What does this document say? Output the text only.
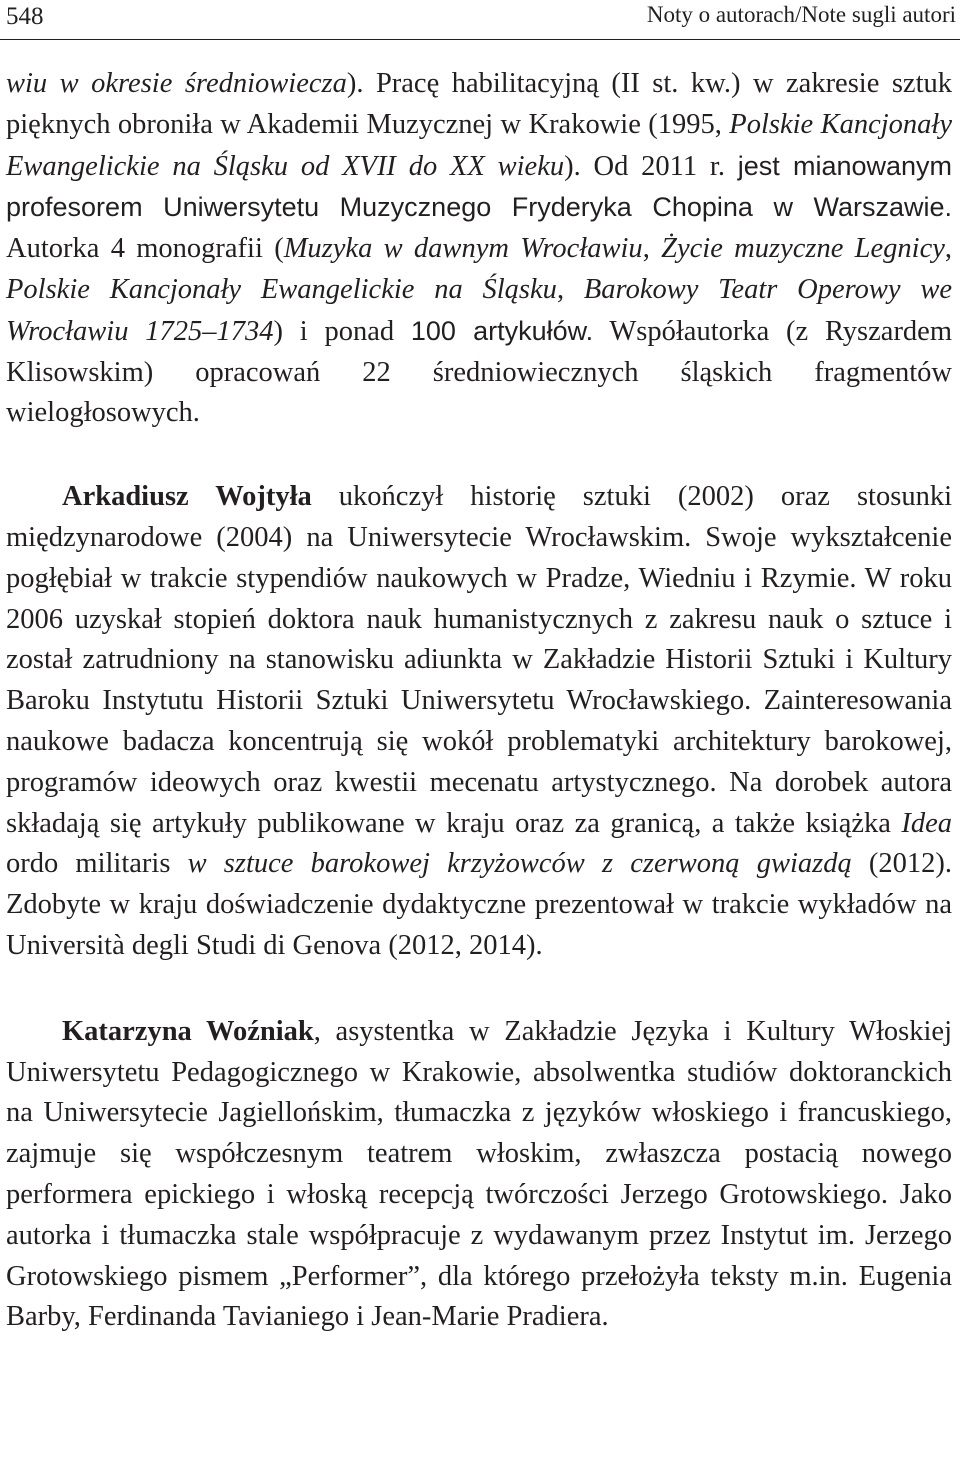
548	Noty o autorach/Note sugli autori

wiu w okresie średniowiecza). Pracę habilitacyjną (II st. kw.) w zakresie sztuk pięknych obroniła w Akademii Muzycznej w Krakowie (1995, Polskie Kancjonały Ewangelickie na Śląsku od XVII do XX wieku). Od 2011 r. jest mianowanym profesorem Uniwersytetu Muzycznego Fryderyka Chopina w Warszawie. Autorka 4 monografii (Muzyka w dawnym Wrocławiu, Życie muzyczne Legnicy, Polskie Kancjonały Ewangelickie na Śląsku, Barokowy Teatr Operowy we Wrocławiu 1725–1734) i ponad 100 artykułów. Współautorka (z Ryszardem Klisowskim) opracowań 22 średniowiecznych śląskich fragmentów wielogłosowych.

Arkadiusz Wojtyła ukończył historię sztuki (2002) oraz stosunki międzynarodowe (2004) na Uniwersytecie Wrocławskim. Swoje wykształcenie pogłębiał w trakcie stypendiów naukowych w Pradze, Wiedniu i Rzymie. W roku 2006 uzyskał stopień doktora nauk humanistycznych z zakresu nauk o sztuce i został zatrudniony na stanowisku adiunkta w Zakładzie Historii Sztuki i Kultury Baroku Instytutu Historii Sztuki Uniwersytetu Wrocławskiego. Zainteresowania naukowe badacza koncentrują się wokół problematyki architektury barokowej, programów ideowych oraz kwestii mecenatu artystycznego. Na dorobek autora składają się artykuły publikowane w kraju oraz za granicą, a także książka Idea ordo militaris w sztuce barokowej krzyżowców z czerwoną gwiazdą (2012). Zdobyte w kraju doświadczenie dydaktyczne prezentował w trakcie wykładów na Università degli Studi di Genova (2012, 2014).

Katarzyna Woźniak, asystentka w Zakładzie Języka i Kultury Włoskiej Uniwersytetu Pedagogicznego w Krakowie, absolwentka studiów doktoranckich na Uniwersytecie Jagiellońskim, tłumaczka z języków włoskiego i francuskiego, zajmuje się współczesnym teatrem włoskim, zwłaszcza postacią nowego performera epickiego i włoską recepcją twórczości Jerzego Grotowskiego. Jako autorka i tłumaczka stale współpracuje z wydawanym przez Instytut im. Jerzego Grotowskiego pismem „Performer”, dla którego przełożyła teksty m.in. Eugenia Barby, Ferdinanda Tavianiego i Jean-Marie Pradiera.
